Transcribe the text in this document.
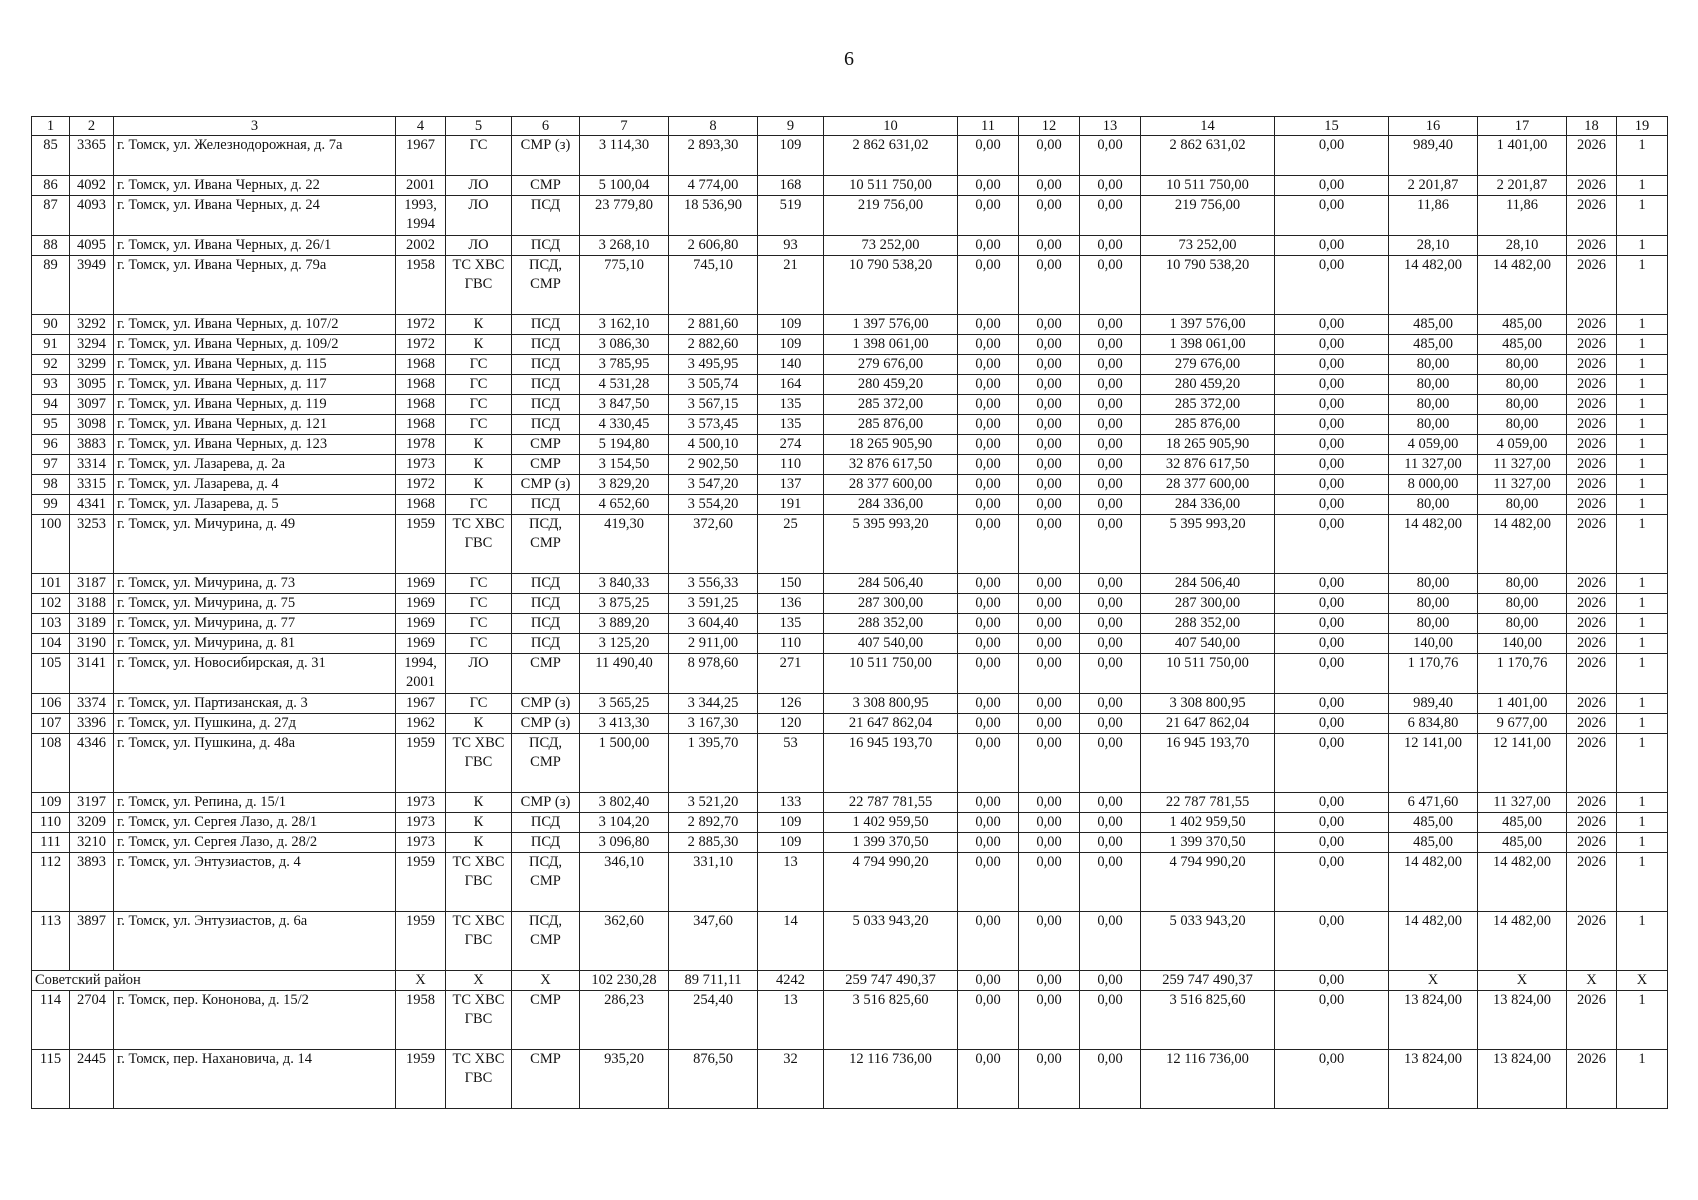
6
1	2	3	4	5	6	7	8	9	10	11	12	13	14	15	16	17	18	19
85	3365	г. Томск, ул. Железнодорожная, д. 7а	1967	ГС	СМР (з)	3 114,30	2 893,30	109	2 862 631,02	0,00	0,00	0,00	2 862 631,02	0,00	989,40	1 401,00	2026	1
86	4092	г. Томск, ул. Ивана Черных, д. 22	2001	ЛО	СМР	5 100,04	4 774,00	168	10 511 750,00	0,00	0,00	0,00	10 511 750,00	0,00	2 201,87	2 201,87	2026	1
87	4093	г. Томск, ул. Ивана Черных, д. 24	1993, 1994	ЛО	ПСД	23 779,80	18 536,90	519	219 756,00	0,00	0,00	0,00	219 756,00	0,00	11,86	11,86	2026	1
88	4095	г. Томск, ул. Ивана Черных, д. 26/1	2002	ЛО	ПСД	3 268,10	2 606,80	93	73 252,00	0,00	0,00	0,00	73 252,00	0,00	28,10	28,10	2026	1
89	3949	г. Томск, ул. Ивана Черных, д. 79а	1958	ТС ХВС ГВС	ПСД, СМР	775,10	745,10	21	10 790 538,20	0,00	0,00	0,00	10 790 538,20	0,00	14 482,00	14 482,00	2026	1
90	3292	г. Томск, ул. Ивана Черных, д. 107/2	1972	К	ПСД	3 162,10	2 881,60	109	1 397 576,00	0,00	0,00	0,00	1 397 576,00	0,00	485,00	485,00	2026	1
91	3294	г. Томск, ул. Ивана Черных, д. 109/2	1972	К	ПСД	3 086,30	2 882,60	109	1 398 061,00	0,00	0,00	0,00	1 398 061,00	0,00	485,00	485,00	2026	1
92	3299	г. Томск, ул. Ивана Черных, д. 115	1968	ГС	ПСД	3 785,95	3 495,95	140	279 676,00	0,00	0,00	0,00	279 676,00	0,00	80,00	80,00	2026	1
93	3095	г. Томск, ул. Ивана Черных, д. 117	1968	ГС	ПСД	4 531,28	3 505,74	164	280 459,20	0,00	0,00	0,00	280 459,20	0,00	80,00	80,00	2026	1
94	3097	г. Томск, ул. Ивана Черных, д. 119	1968	ГС	ПСД	3 847,50	3 567,15	135	285 372,00	0,00	0,00	0,00	285 372,00	0,00	80,00	80,00	2026	1
95	3098	г. Томск, ул. Ивана Черных, д. 121	1968	ГС	ПСД	4 330,45	3 573,45	135	285 876,00	0,00	0,00	0,00	285 876,00	0,00	80,00	80,00	2026	1
96	3883	г. Томск, ул. Ивана Черных, д. 123	1978	К	СМР	5 194,80	4 500,10	274	18 265 905,90	0,00	0,00	0,00	18 265 905,90	0,00	4 059,00	4 059,00	2026	1
97	3314	г. Томск, ул. Лазарева, д. 2а	1973	К	СМР	3 154,50	2 902,50	110	32 876 617,50	0,00	0,00	0,00	32 876 617,50	0,00	11 327,00	11 327,00	2026	1
98	3315	г. Томск, ул. Лазарева, д. 4	1972	К	СМР (з)	3 829,20	3 547,20	137	28 377 600,00	0,00	0,00	0,00	28 377 600,00	0,00	8 000,00	11 327,00	2026	1
99	4341	г. Томск, ул. Лазарева, д. 5	1968	ГС	ПСД	4 652,60	3 554,20	191	284 336,00	0,00	0,00	0,00	284 336,00	0,00	80,00	80,00	2026	1
100	3253	г. Томск, ул. Мичурина, д. 49	1959	ТС ХВС ГВС	ПСД, СМР	419,30	372,60	25	5 395 993,20	0,00	0,00	0,00	5 395 993,20	0,00	14 482,00	14 482,00	2026	1
101	3187	г. Томск, ул. Мичурина, д. 73	1969	ГС	ПСД	3 840,33	3 556,33	150	284 506,40	0,00	0,00	0,00	284 506,40	0,00	80,00	80,00	2026	1
102	3188	г. Томск, ул. Мичурина, д. 75	1969	ГС	ПСД	3 875,25	3 591,25	136	287 300,00	0,00	0,00	0,00	287 300,00	0,00	80,00	80,00	2026	1
103	3189	г. Томск, ул. Мичурина, д. 77	1969	ГС	ПСД	3 889,20	3 604,40	135	288 352,00	0,00	0,00	0,00	288 352,00	0,00	80,00	80,00	2026	1
104	3190	г. Томск, ул. Мичурина, д. 81	1969	ГС	ПСД	3 125,20	2 911,00	110	407 540,00	0,00	0,00	0,00	407 540,00	0,00	140,00	140,00	2026	1
105	3141	г. Томск, ул. Новосибирская, д. 31	1994, 2001	ЛО	СМР	11 490,40	8 978,60	271	10 511 750,00	0,00	0,00	0,00	10 511 750,00	0,00	1 170,76	1 170,76	2026	1
106	3374	г. Томск, ул. Партизанская, д. 3	1967	ГС	СМР (з)	3 565,25	3 344,25	126	3 308 800,95	0,00	0,00	0,00	3 308 800,95	0,00	989,40	1 401,00	2026	1
107	3396	г. Томск, ул. Пушкина, д. 27д	1962	К	СМР (з)	3 413,30	3 167,30	120	21 647 862,04	0,00	0,00	0,00	21 647 862,04	0,00	6 834,80	9 677,00	2026	1
108	4346	г. Томск, ул. Пушкина, д. 48а	1959	ТС ХВС ГВС	ПСД, СМР	1 500,00	1 395,70	53	16 945 193,70	0,00	0,00	0,00	16 945 193,70	0,00	12 141,00	12 141,00	2026	1
109	3197	г. Томск, ул. Репина, д. 15/1	1973	К	СМР (з)	3 802,40	3 521,20	133	22 787 781,55	0,00	0,00	0,00	22 787 781,55	0,00	6 471,60	11 327,00	2026	1
110	3209	г. Томск, ул. Сергея Лазо, д. 28/1	1973	К	ПСД	3 104,20	2 892,70	109	1 402 959,50	0,00	0,00	0,00	1 402 959,50	0,00	485,00	485,00	2026	1
111	3210	г. Томск, ул. Сергея Лазо, д. 28/2	1973	К	ПСД	3 096,80	2 885,30	109	1 399 370,50	0,00	0,00	0,00	1 399 370,50	0,00	485,00	485,00	2026	1
112	3893	г. Томск, ул. Энтузиастов, д. 4	1959	ТС ХВС ГВС	ПСД, СМР	346,10	331,10	13	4 794 990,20	0,00	0,00	0,00	4 794 990,20	0,00	14 482,00	14 482,00	2026	1
113	3897	г. Томск, ул. Энтузиастов, д. 6а	1959	ТС ХВС ГВС	ПСД, СМР	362,60	347,60	14	5 033 943,20	0,00	0,00	0,00	5 033 943,20	0,00	14 482,00	14 482,00	2026	1
Советский район			Х	Х	Х	102 230,28	89 711,11	4242	259 747 490,37	0,00	0,00	0,00	259 747 490,37	0,00	Х	Х	Х	Х
114	2704	г. Томск, пер. Кононова, д. 15/2	1958	ТС ХВС ГВС	СМР	286,23	254,40	13	3 516 825,60	0,00	0,00	0,00	3 516 825,60	0,00	13 824,00	13 824,00	2026	1
115	2445	г. Томск, пер. Нахановича, д. 14	1959	ТС ХВС ГВС	СМР	935,20	876,50	32	12 116 736,00	0,00	0,00	0,00	12 116 736,00	0,00	13 824,00	13 824,00	2026	1
